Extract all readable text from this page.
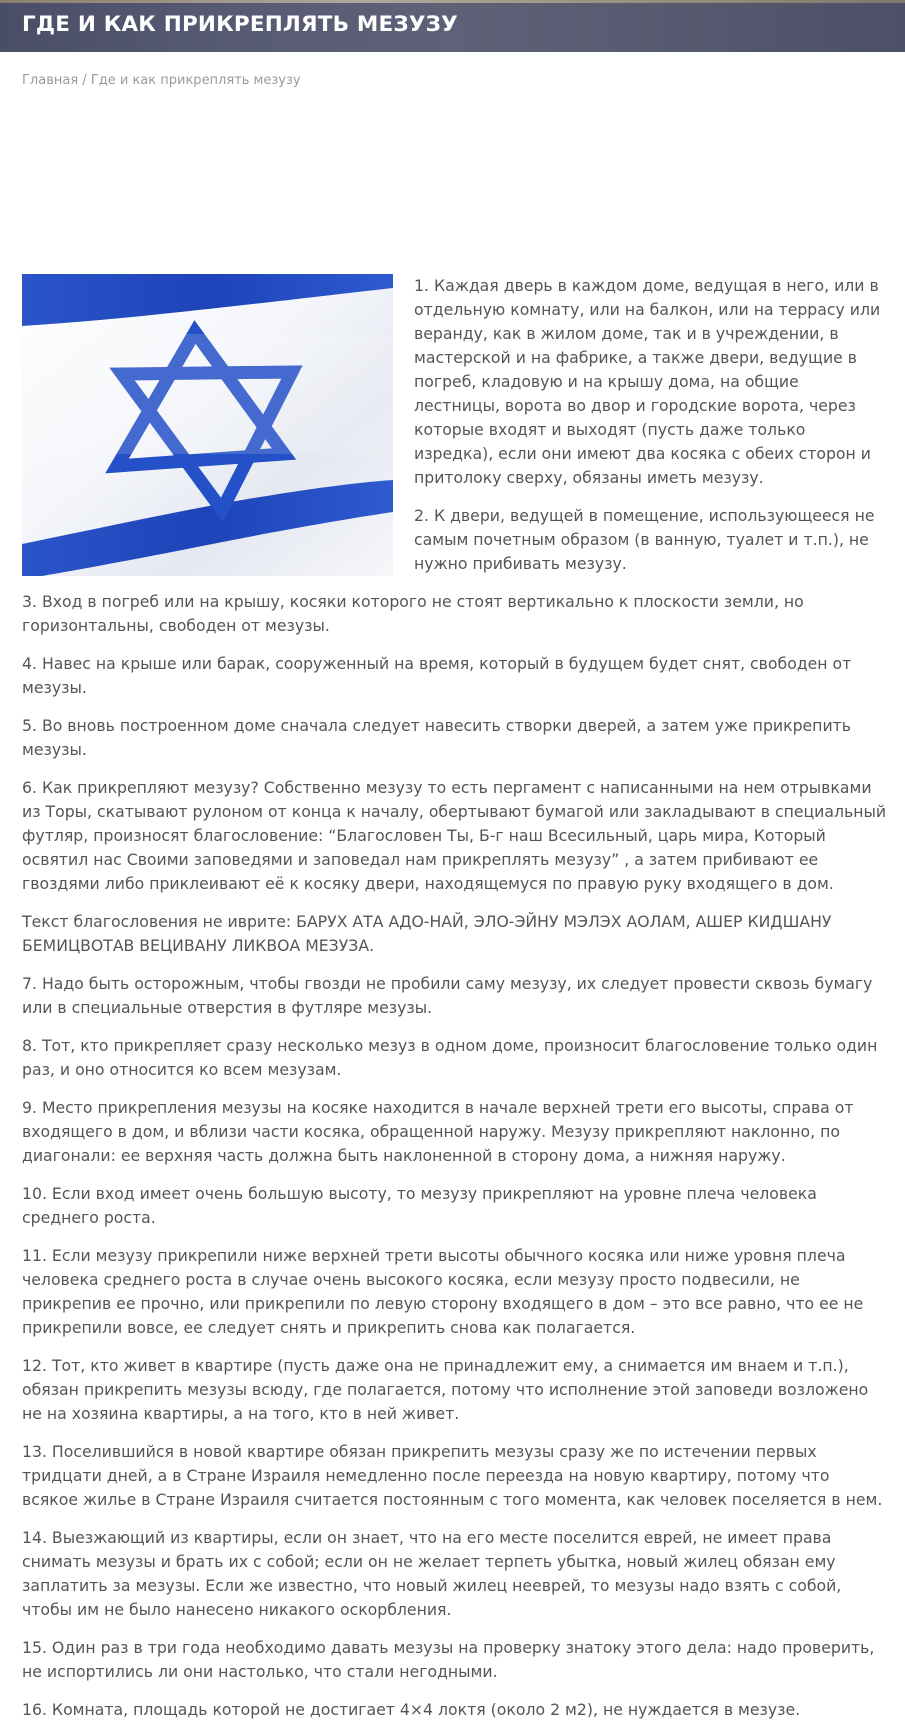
ГДЕ И КАК ПРИКРЕПЛЯТЬ МЕЗУЗУ
Главная / Где и как прикреплять мезузу

1. Каждая дверь в каждом доме, ведущая в него, или в отдельную комнату, или на балкон, или на террасу или веранду, как в жилом доме, так и в учреждении, в мастерской и на фабрике, а также двери, ведущие в погреб, кладовую и на крышу дома, на общие лестницы, ворота во двор и городские ворота, через которые входят и выходят (пусть даже только изредка), если они имеют два косяка с обеих сторон и притолоку сверху, обязаны иметь мезузу.

2. К двери, ведущей в помещение, использующееся не самым почетным образом (в ванную, туалет и т.п.), не нужно прибивать мезузу.

3. Вход в погреб или на крышу, косяки которого не стоят вертикально к плоскости земли, но горизонтальны, свободен от мезузы.

4. Навес на крыше или барак, сооруженный на время, который в будущем будет снят, свободен от мезузы.

5. Во вновь построенном доме сначала следует навесить створки дверей, а затем уже прикрепить мезузы.

6. Как прикрепляют мезузу? Собственно мезузу то есть пергамент с написанными на нем отрывками из Торы, скатывают рулоном от конца к началу, обертывают бумагой или закладывают в специальный футляр, произносят благословение: “Благословен Ты, Б-г наш Всесильный, царь мира, Который освятил нас Своими заповедями и заповедал нам прикреплять мезузу” , а затем прибивают ее гвоздями либо приклеивают её к косяку двери, находящемуся по правую руку входящего в дом.

Текст благословения не иврите: БАРУХ АТА АДО-НАЙ, ЭЛО-ЭЙНУ МЭЛЭХ АОЛАМ, АШЕР КИДШАНУ БЕМИЦВОТАВ ВЕЦИВАНУ ЛИКВОА МЕЗУЗА.

7. Надо быть осторожным, чтобы гвозди не пробили саму мезузу, их следует провести сквозь бумагу или в специальные отверстия в футляре мезузы.

8. Тот, кто прикрепляет сразу несколько мезуз в одном доме, произносит благословение только один раз, и оно относится ко всем мезузам.

9. Место прикрепления мезузы на косяке находится в начале верхней трети его высоты, справа от входящего в дом, и вблизи части косяка, обращенной наружу. Мезузу прикрепляют наклонно, по диагонали: ее верхняя часть должна быть наклоненной в сторону дома, а нижняя наружу.

10. Если вход имеет очень большую высоту, то мезузу прикрепляют на уровне плеча человека среднего роста.

11. Если мезузу прикрепили ниже верхней трети высоты обычного косяка или ниже уровня плеча человека среднего роста в случае очень высокого косяка, если мезузу просто подвесили, не прикрепив ее прочно, или прикрепили по левую сторону входящего в дом – это все равно, что ее не прикрепили вовсе, ее следует снять и прикрепить снова как полагается.

12. Тот, кто живет в квартире (пусть даже она не принадлежит ему, а снимается им внаем и т.п.), обязан прикрепить мезузы всюду, где полагается, потому что исполнение этой заповеди возложено не на хозяина квартиры, а на того, кто в ней живет.

13. Поселившийся в новой квартире обязан прикрепить мезузы сразу же по истечении первых тридцати дней, а в Стране Израиля немедленно после переезда на новую квартиру, потому что всякое жилье в Стране Израиля считается постоянным с того момента, как человек поселяется в нем.

14. Выезжающий из квартиры, если он знает, что на его месте поселится еврей, не имеет права снимать мезузы и брать их с собой; если он не желает терпеть убытка, новый жилец обязан ему заплатить за мезузы. Если же известно, что новый жилец нееврей, то мезузы надо взять с собой, чтобы им не было нанесено никакого оскорбления.

15. Один раз в три года необходимо давать мезузы на проверку знатоку этого дела: надо проверить, не испортились ли они настолько, что стали негодными.

16. Комната, площадь которой не достигает 4×4 локтя (около 2 м2), не нуждается в мезузе.
